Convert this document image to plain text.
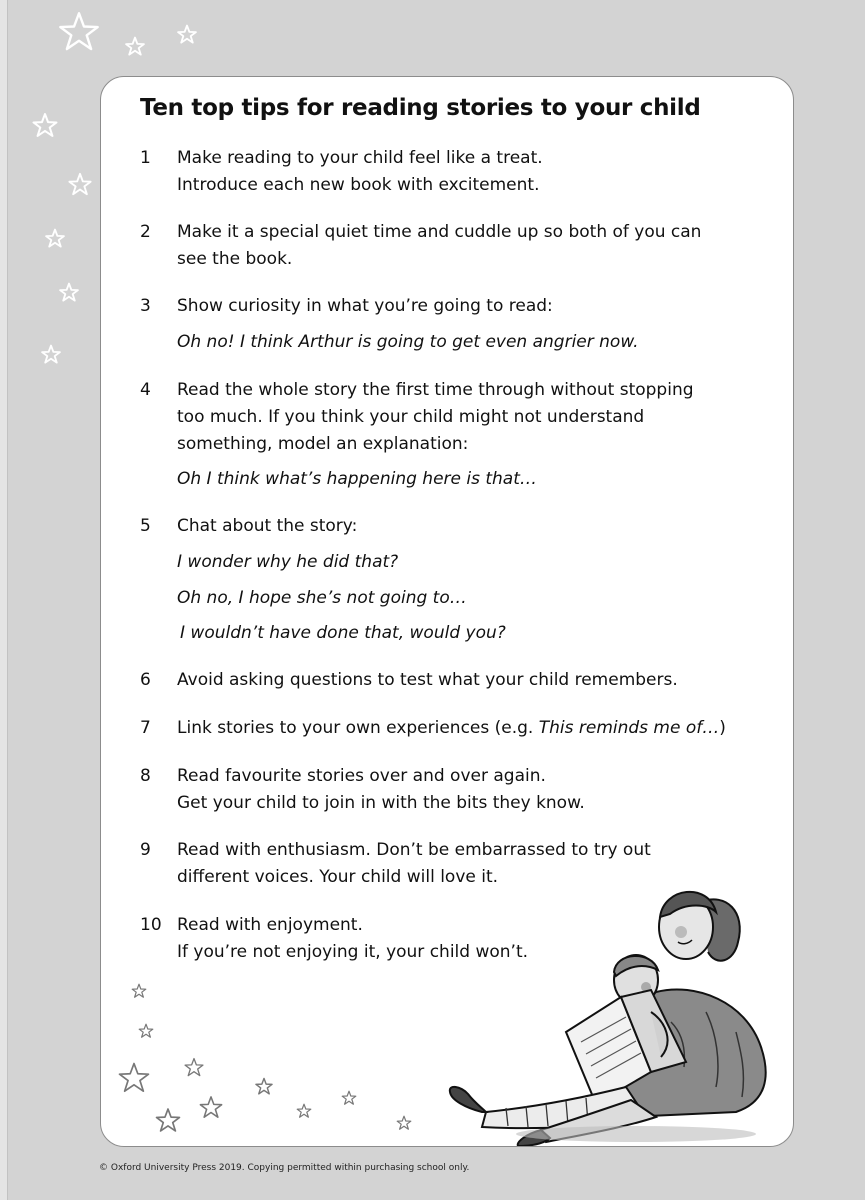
Ten top tips for reading stories to your child
1 Make reading to your child feel like a treat.
Introduce each new book with excitement.
2 Make it a special quiet time and cuddle up so both of you can
see the book.
3 Show curiosity in what you’re going to read:
Oh no! I think Arthur is going to get even angrier now.
4 Read the whole story the first time through without stopping
too much. If you think your child might not understand
something, model an explanation:
Oh I think what’s happening here is that…
5 Chat about the story:
I wonder why he did that?
Oh no, I hope she’s not going to…
I wouldn’t have done that, would you?
6 Avoid asking questions to test what your child remembers.
7 Link stories to your own experiences (e.g. This reminds me of…)
8 Read favourite stories over and over again.
Get your child to join in with the bits they know.
9 Read with enthusiasm. Don’t be embarrassed to try out
different voices. Your child will love it.
10 Read with enjoyment.
If you’re not enjoying it, your child won’t.
© Oxford University Press 2019. Copying permitted within purchasing school only.
